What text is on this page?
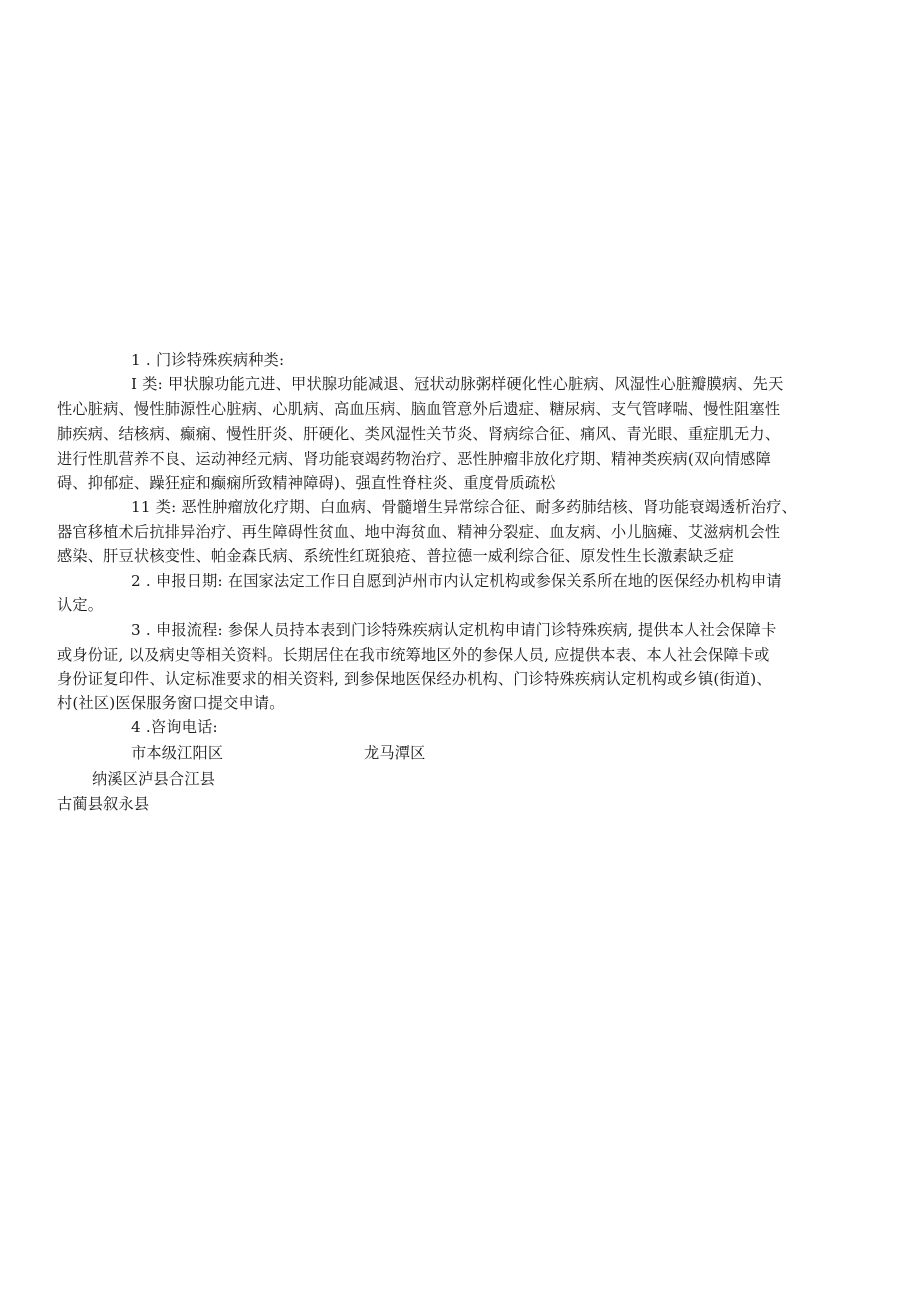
1 . 门诊特殊疾病种类:
I 类: 甲状腺功能亢进、甲状腺功能减退、冠状动脉粥样硬化性心脏病、风湿性心脏瓣膜病、先天
性心脏病、慢性肺源性心脏病、心肌病、高血压病、脑血管意外后遗症、糖尿病、支气管哮喘、慢性阻塞性
肺疾病、结核病、癫痫、慢性肝炎、肝硬化、类风湿性关节炎、肾病综合征、痛风、青光眼、重症肌无力、
进行性肌营养不良、运动神经元病、肾功能衰竭药物治疗、恶性肿瘤非放化疗期、精神类疾病(双向情感障
碍、抑郁症、躁狂症和癫痫所致精神障碍)、强直性脊柱炎、重度骨质疏松
11 类: 恶性肿瘤放化疗期、白血病、骨髓增生异常综合征、耐多药肺结核、肾功能衰竭透析治疗、
器官移植术后抗排异治疗、再生障碍性贫血、地中海贫血、精神分裂症、血友病、小儿脑瘫、艾滋病机会性
感染、肝豆状核变性、帕金森氏病、系统性红斑狼疮、普拉德一威利综合征、原发性生长激素缺乏症
2 . 申报日期: 在国家法定工作日自愿到泸州市内认定机构或参保关系所在地的医保经办机构申请
认定。
3 . 申报流程: 参保人员持本表到门诊特殊疾病认定机构申请门诊特殊疾病, 提供本人社会保障卡
或身份证, 以及病史等相关资料。长期居住在我市统筹地区外的参保人员, 应提供本表、本人社会保障卡或
身份证复印件、认定标准要求的相关资料, 到参保地医保经办机构、门诊特殊疾病认定机构或乡镇(街道)、
村(社区)医保服务窗口提交申请。
4 .咨询电话:
市本级江阳区	龙马潭区
纳溪区泸县合江县
古蔺县叙永县
